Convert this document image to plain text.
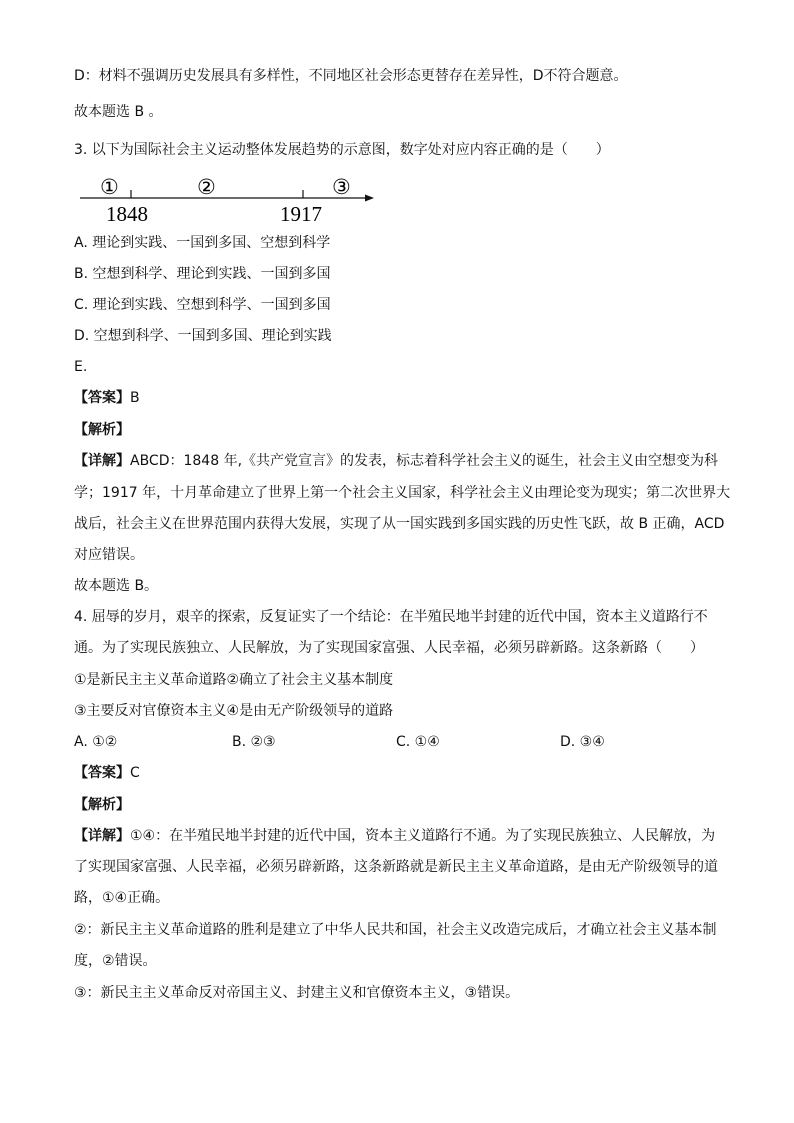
D：材料不强调历史发展具有多样性，不同地区社会形态更替存在差异性，D不符合题意。
故本题选 B 。
3. 以下为国际社会主义运动整体发展趋势的示意图，数字处对应内容正确的是（　　）
①	②	③
1848	1917
A. 理论到实践、一国到多国、空想到科学
B. 空想到科学、理论到实践、一国到多国
C. 理论到实践、空想到科学、一国到多国
D. 空想到科学、一国到多国、理论到实践
E.
【答案】B
【解析】
【详解】ABCD：1848 年,《共产党宣言》的发表，标志着科学社会主义的诞生，社会主义由空想变为科
学；1917 年，十月革命建立了世界上第一个社会主义国家，科学社会主义由理论变为现实；第二次世界大
战后，社会主义在世界范围内获得大发展，实现了从一国实践到多国实践的历史性飞跃，故 B 正确，ACD
对应错误。
故本题选 B。
4. 屈辱的岁月，艰辛的探索，反复证实了一个结论：在半殖民地半封建的近代中国，资本主义道路行不
通。为了实现民族独立、人民解放，为了实现国家富强、人民幸福，必须另辟新路。这条新路（　　）
①是新民主主义革命道路②确立了社会主义基本制度
③主要反对官僚资本主义④是由无产阶级领导的道路
A. ①②	B. ②③	C. ①④	D. ③④
【答案】C
【解析】
【详解】①④：在半殖民地半封建的近代中国，资本主义道路行不通。为了实现民族独立、人民解放，为
了实现国家富强、人民幸福，必须另辟新路，这条新路就是新民主主义革命道路，是由无产阶级领导的道
路，①④正确。
②：新民主主义革命道路的胜利是建立了中华人民共和国，社会主义改造完成后，才确立社会主义基本制
度，②错误。
③：新民主主义革命反对帝国主义、封建主义和官僚资本主义，③错误。
